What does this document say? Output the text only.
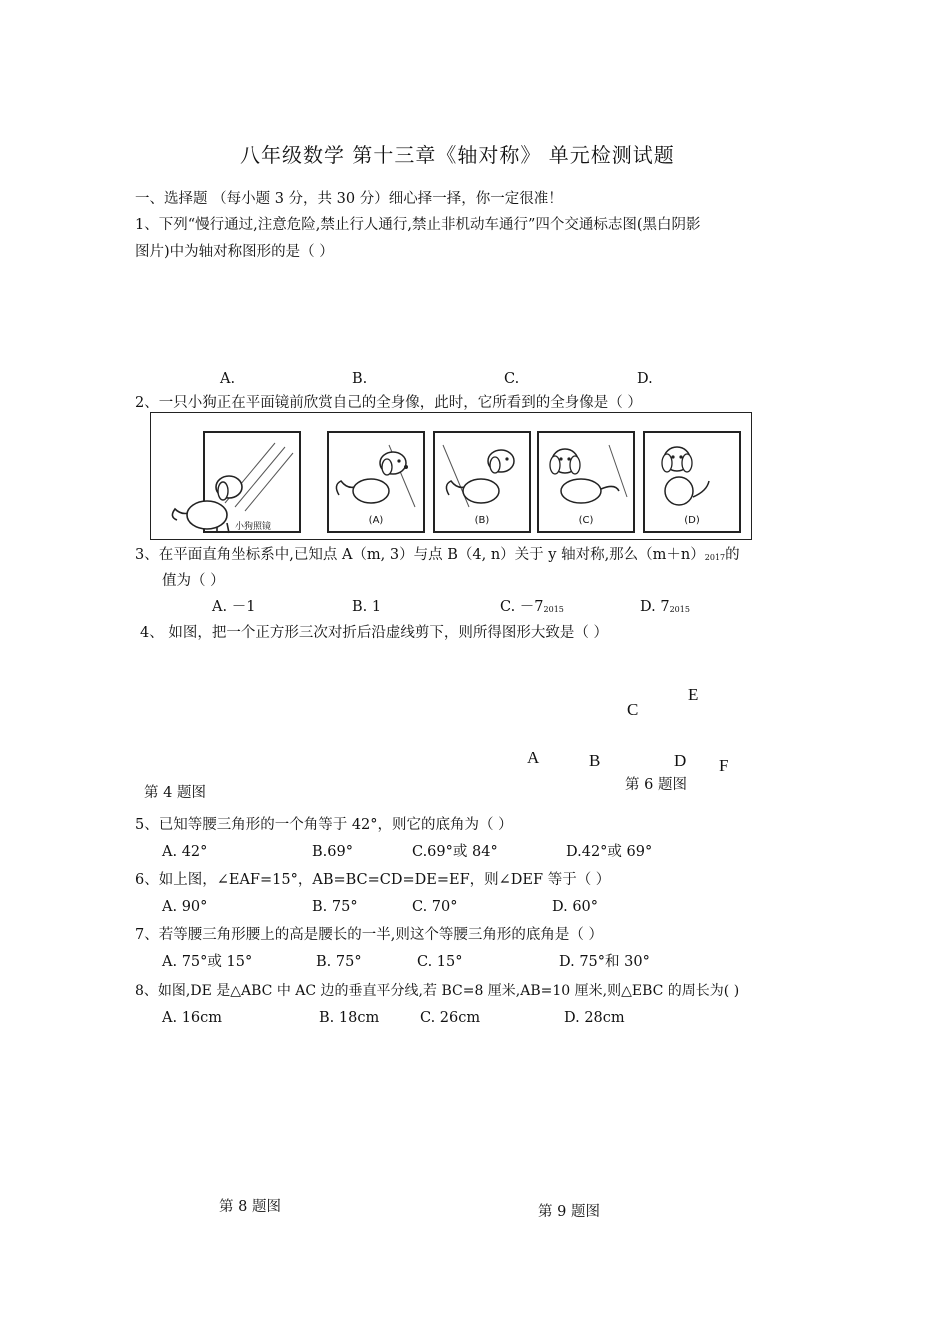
八年级数学 第十三章《轴对称》 单元检测试题
一、选择题 （每小题 3 分，共 30 分）细心择一择，你一定很准！
1、下列“慢行通过,注意危险,禁止行人通行,禁止非机动车通行”四个交通标志图(黑白阴影
图片)中为轴对称图形的是（ ）
A.	B.	C.	D.
2、一只小狗正在平面镜前欣赏自己的全身像，此时，它所看到的全身像是（ ）
小狗照镜
(A)	(B)	(C)	(D)
3、在平面直角坐标系中,已知点 A（m, 3）与点 B（4, n）关于 y 轴对称,那么（m＋n）2017的
值为（ ）
A. －1	B. 1	C. －72015	D. 72015
4、 如图，把一个正方形三次对折后沿虚线剪下，则所得图形大致是（ ）
E
C
A	B	D F
第 4 题图	第 6 题图
5、已知等腰三角形的一个角等于 42°，则它的底角为（ ）
A. 42°	B.69°	C.69°或 84°	D.42°或 69°
6、如上图，∠EAF=15°，AB=BC=CD=DE=EF，则∠DEF 等于（ ）
A. 90°	B. 75°	C. 70°	D. 60°
7、若等腰三角形腰上的高是腰长的一半,则这个等腰三角形的底角是（ ）
A. 75°或 15°	B. 75°	C. 15°	D. 75°和 30°
8、如图,DE 是△ABC 中 AC 边的垂直平分线,若 BC=8 厘米,AB=10 厘米,则△EBC 的周长为( )
A. 16cm	B. 18cm	C. 26cm	D. 28cm
第 8 题图	第 9 题图
